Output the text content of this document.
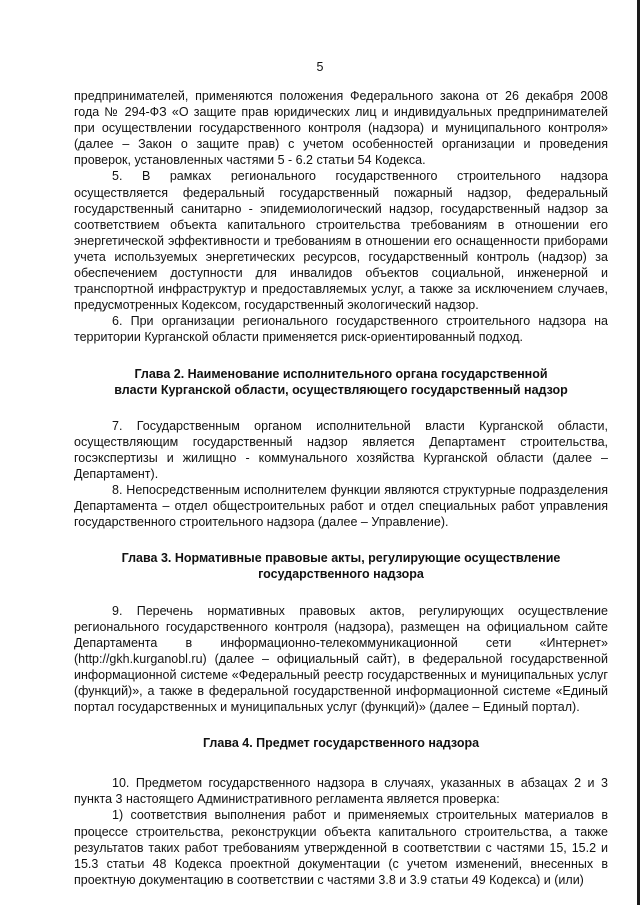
5

предпринимателей, применяются положения Федерального закона от 26 декабря 2008 года № 294-ФЗ «О защите прав юридических лиц и индивидуальных предпринимателей при осуществлении государственного контроля (надзора) и муниципального контроля» (далее – Закон о защите прав) с учетом особенностей организации и проведения проверок, установленных частями 5 - 6.2 статьи 54 Кодекса.

5. В рамках регионального государственного строительного надзора осуществляется федеральный государственный пожарный надзор, федеральный государственный санитарно - эпидемиологический надзор, государственный надзор за соответствием объекта капитального строительства требованиям в отношении его энергетической эффективности и требованиям в отношении его оснащенности приборами учета используемых энергетических ресурсов, государственный контроль (надзор) за обеспечением доступности для инвалидов объектов социальной, инженерной и транспортной инфраструктур и предоставляемых услуг, а также за исключением случаев, предусмотренных Кодексом, государственный экологический надзор.

6. При организации регионального государственного строительного надзора на территории Курганской области применяется риск-ориентированный подход.

Глава 2. Наименование исполнительного органа государственной власти Курганской области, осуществляющего государственный надзор

7. Государственным органом исполнительной власти Курганской области, осуществляющим государственный надзор является Департамент строительства, госэкспертизы и жилищно - коммунального хозяйства Курганской области (далее – Департамент).

8. Непосредственным исполнителем функции являются структурные подразделения Департамента – отдел общестроительных работ и отдел специальных работ управления государственного строительного надзора (далее – Управление).

Глава 3. Нормативные правовые акты, регулирующие осуществление государственного надзора

9. Перечень нормативных правовых актов, регулирующих осуществление регионального государственного контроля (надзора), размещен на официальном сайте Департамента в информационно-телекоммуникационной сети «Интернет» (http://gkh.kurganobl.ru) (далее – официальный сайт), в федеральной государственной информационной системе «Федеральный реестр государственных и муниципальных услуг (функций)», а также в федеральной государственной информационной системе «Единый портал государственных и муниципальных услуг (функций)» (далее – Единый портал).

Глава 4. Предмет государственного надзора

10. Предметом государственного надзора в случаях, указанных в абзацах 2 и 3 пункта 3 настоящего Административного регламента является проверка:

1) соответствия выполнения работ и применяемых строительных материалов в процессе строительства, реконструкции объекта капитального строительства, а также результатов таких работ требованиям утвержденной в соответствии с частями 15, 15.2 и 15.3 статьи 48 Кодекса проектной документации (с учетом изменений, внесенных в проектную документацию в соответствии с частями 3.8 и 3.9 статьи 49 Кодекса) и (или)
